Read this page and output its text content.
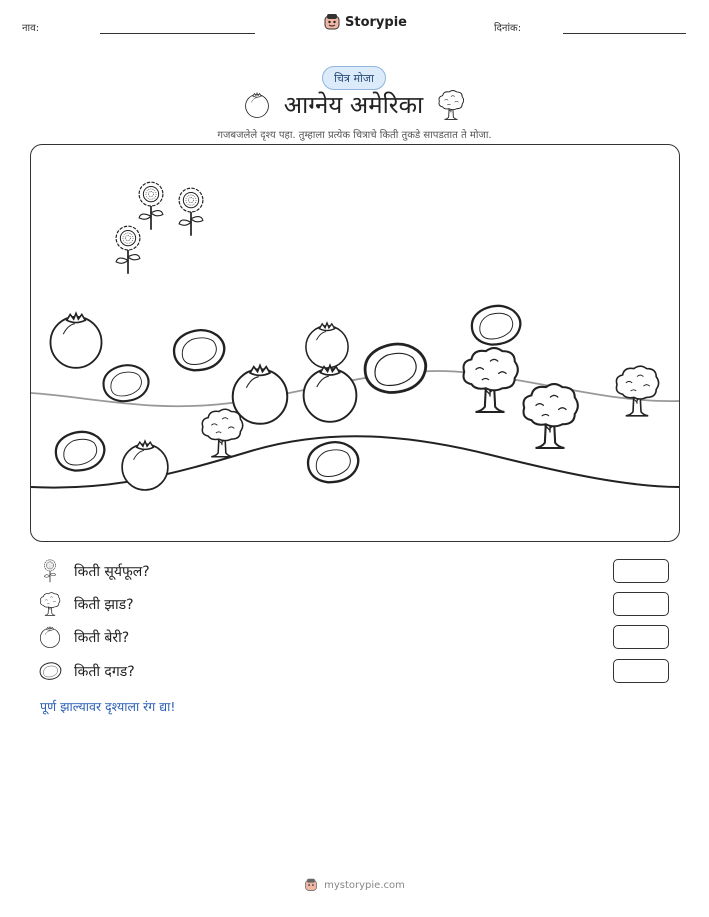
नाव:	Storypie	दिनांक:
चित्र मोजा
आग्नेय अमेरिका
गजबजलेले दृश्य पहा. तुम्हाला प्रत्येक चित्राचे किती तुकडे सापडतात ते मोजा.
किती सूर्यफूल?
किती झाड?
किती बेरी?
किती दगड?
पूर्ण झाल्यावर दृश्याला रंग द्या!
mystorypie.com
